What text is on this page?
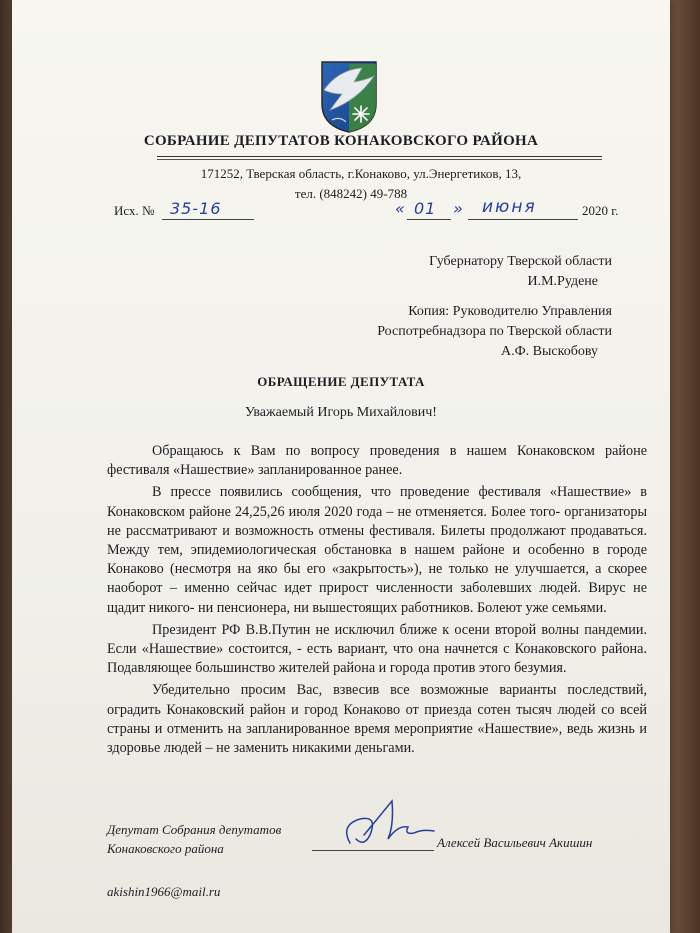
СОБРАНИЕ ДЕПУТАТОВ КОНАКОВСКОГО РАЙОНА
171252, Тверская область, г.Конаково, ул.Энергетиков, 13,
тел. (848242) 49-788
Исх. № 35-16	« 01 » июня	2020 г.
Губернатору Тверской области
И.М.Рудене
Копия: Руководителю Управления
Роспотребнадзора по Тверской области
А.Ф. Выскобову
ОБРАЩЕНИЕ ДЕПУТАТА
Уважаемый Игорь Михайлович!

Обращаюсь к Вам по вопросу проведения в нашем Конаковском районе фестиваля «Нашествие» запланированное ранее.

В прессе появились сообщения, что проведение фестиваля «Нашествие» в Конаковском районе 24,25,26 июля 2020 года – не отменяется. Более того- организаторы не рассматривают и возможность отмены фестиваля. Билеты продолжают продаваться. Между тем, эпидемиологическая обстановка в нашем районе и особенно в городе Конаково (несмотря на яко бы его «закрытость»), не только не улучшается, а скорее наоборот – именно сейчас идет прирост численности заболевших людей. Вирус не щадит никого- ни пенсионера, ни вышестоящих работников. Болеют уже семьями.

Президент РФ В.В.Путин не исключил ближе к осени второй волны пандемии. Если «Нашествие» состоится, - есть вариант, что она начнется с Конаковского района. Подавляющее большинство жителей района и города против этого безумия.

Убедительно просим Вас, взвесив все возможные варианты последствий, оградить Конаковский район и город Конаково от приезда сотен тысяч людей со всей страны и отменить на запланированное время мероприятие «Нашествие», ведь жизнь и здоровье людей – не заменить никакими деньгами.

Депутат Собрания депутатов
Конаковского района	Алексей Васильевич Акишин
akishin1966@mail.ru
